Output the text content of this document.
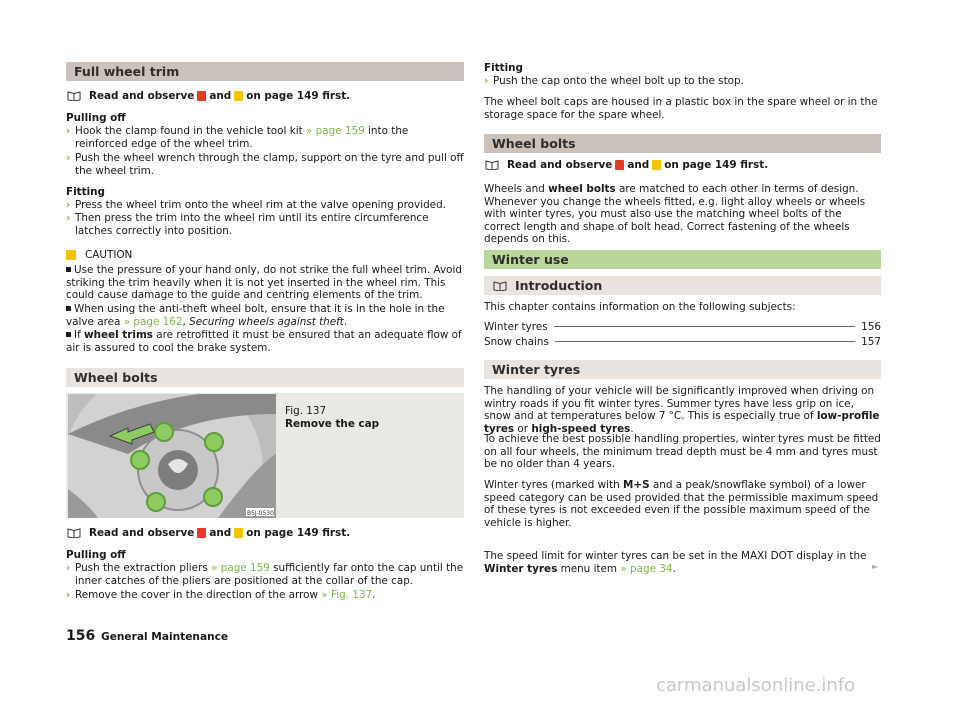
Full wheel trim
Read and observe and on page 149 first.

Pulling off

› Hook the clamp found in the vehicle tool kit » page 159 into the reinforced edge of the wheel trim.

› Push the wheel wrench through the clamp, support on the tyre and pull off the wheel trim.

Fitting

› Press the wheel trim onto the wheel rim at the valve opening provided.

› Then press the trim into the wheel rim until its entire circumference latches correctly into position.

CAUTION

Use the pressure of your hand only, do not strike the full wheel trim. Avoid striking the trim heavily when it is not yet inserted in the wheel rim. This could cause damage to the guide and centring elements of the trim.

When using the anti-theft wheel bolt, ensure that it is in the hole in the valve area » page 162, Securing wheels against theft.

If wheel trims are retrofitted it must be ensured that an adequate flow of air is assured to cool the brake system.

Wheel bolts
B5J-0530

Fig. 137

Remove the cap

Read and observe and on page 149 first.

Pulling off

› Push the extraction pliers » page 159 sufficiently far onto the cap until the inner catches of the pliers are positioned at the collar of the cap.

› Remove the cover in the direction of the arrow » Fig. 137.

Fitting

› Push the cap onto the wheel bolt up to the stop.

The wheel bolt caps are housed in a plastic box in the spare wheel or in the storage space for the spare wheel.

Wheel bolts
Read and observe and on page 149 first.

Wheels and wheel bolts are matched to each other in terms of design. Whenever you change the wheels fitted, e.g. light alloy wheels or wheels with winter tyres, you must also use the matching wheel bolts of the correct length and shape of bolt head. Correct fastening of the wheels depends on this.

Winter use
Introduction

This chapter contains information on the following subjects:

Winter tyres	156
Snow chains	157
Winter tyres

The handling of your vehicle will be significantly improved when driving on wintry roads if you fit winter tyres. Summer tyres have less grip on ice, snow and at temperatures below 7 °C. This is especially true of low-profile tyres or high-speed tyres.

To achieve the best possible handling properties, winter tyres must be fitted on all four wheels, the minimum tread depth must be 4 mm and tyres must be no older than 4 years.

Winter tyres (marked with M+S and a peak/snowflake symbol) of a lower speed category can be used provided that the permissible maximum speed of these tyres is not exceeded even if the possible maximum speed of the vehicle is higher.

The speed limit for winter tyres can be set in the MAXI DOT display in the Winter tyres menu item » page 34.	►
156 General Maintenance
carmanualsonline.info
